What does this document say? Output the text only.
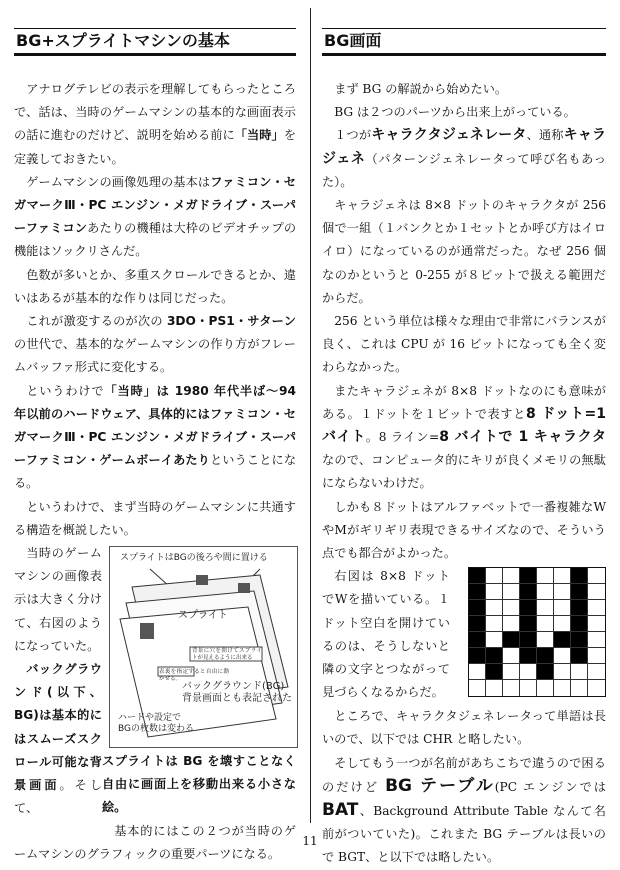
BG+スプライトマシンの基本

アナログテレビの表示を理解してもらったところで、話は、当時のゲームマシンの基本的な画面表示の話に進むのだけど、説明を始める前に「当時」を定義しておきたい。

ゲームマシンの画像処理の基本はファミコン・セガマークⅢ・PC エンジン・メガドライブ・スーパーファミコンあたりの機種は大枠のビデオチップの機能はソックリさんだ。

色数が多いとか、多重スクロールできるとか、違いはあるが基本的な作りは同じだった。

これが激変するのが次の 3DO・PS1・サターンの世代で、基本的なゲームマシンの作り方がフレームバッファ形式に変化する。

というわけで「当時」は 1980 年代半ば〜94 年以前のハードウェア、具体的にはファミコン・セガマークⅢ・PC エンジン・メガドライブ・スーパーファミコン・ゲームボーイあたりということになる。

というわけで、まず当時のゲームマシンに共通する構造を概説したい。

当時のゲームマシンの画像表示は大きく分けて、右図のようになっていた。

バックグラウンド(以下、BG)は基本的にはスムーズスクロール可能な背景画面。そして、

スプライトはBGの後ろや間に置ける
スプライト
背景に穴を開けてスプライトが見えるように出来る
表裏を指定すると自由に動かせる。
バックグラウンド(BG)
背景画面とも表記された
ハードや設定で
BGの枚数は変わる

スプライトは BG を壊すことなく自由に画面上を移動出来る小さな絵。

基本的にはこの２つが当時のゲームマシンのグラフィックの重要パーツになる。

BG画面

まず BG の解説から始めたい。

BG は２つのパーツから出来上がっている。

１つがキャラクタジェネレータ、通称キャラジェネ（パターンジェネレータって呼び名もあった）。

キャラジェネは 8×8 ドットのキャラクタが 256 個で一組（１バンクとか１セットとか呼び方はイロイロ）になっているのが通常だった。なぜ 256 個なのかというと 0-255 が８ビットで扱える範囲だからだ。

256 という単位は様々な理由で非常にバランスが良く、これは CPU が 16 ビットになっても全く変わらなかった。

またキャラジェネが 8×8 ドットなのにも意味がある。１ドットを１ビットで表すと8 ドット=1 バイト。8 ライン=8 バイトで 1 キャラクタなので、コンピュータ的にキリが良くメモリの無駄にならないわけだ。

しかも８ドットはアルファベットで一番複雑なWやMがギリギリ表現できるサイズなので、そういう点でも都合がよかった。

右図は 8×8 ドットでWを描いている。１ドット空白を開けているのは、そうしないと隣の文字とつながって見づらくなるからだ。

ところで、キャラクタジェネレータって単語は長いので、以下では CHR と略したい。

そしてもう一つが名前があちこちで違うので困るのだけど BG テーブル(PC エンジンでは BAT、Background Attribute Table なんて名前がついていた)。これまた BG テーブルは長いので BGT、と以下では略したい。

11
